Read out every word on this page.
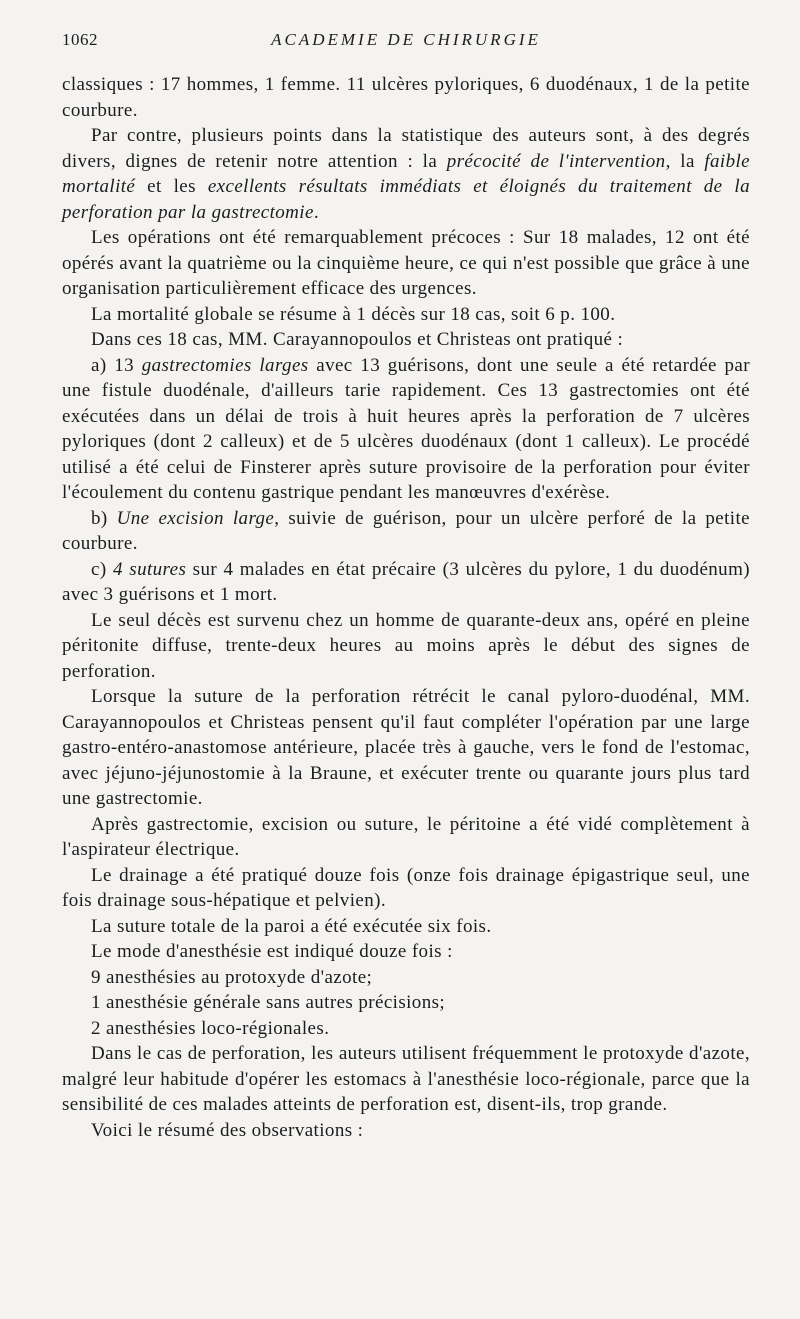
1062	ACADEMIE DE CHIRURGIE

classiques : 17 hommes, 1 femme. 11 ulcères pyloriques, 6 duodénaux, 1 de la petite courbure.

Par contre, plusieurs points dans la statistique des auteurs sont, à des degrés divers, dignes de retenir notre attention : la précocité de l'intervention, la faible mortalité et les excellents résultats immédiats et éloignés du traitement de la perforation par la gastrectomie.

Les opérations ont été remarquablement précoces : Sur 18 malades, 12 ont été opérés avant la quatrième ou la cinquième heure, ce qui n'est possible que grâce à une organisation particulièrement efficace des urgences.

La mortalité globale se résume à 1 décès sur 18 cas, soit 6 p. 100.

Dans ces 18 cas, MM. Carayannopoulos et Christeas ont pratiqué :

a) 13 gastrectomies larges avec 13 guérisons, dont une seule a été retardée par une fistule duodénale, d'ailleurs tarie rapidement. Ces 13 gastrectomies ont été exécutées dans un délai de trois à huit heures après la perforation de 7 ulcères pyloriques (dont 2 calleux) et de 5 ulcères duodénaux (dont 1 calleux). Le procédé utilisé a été celui de Finsterer après suture provisoire de la perforation pour éviter l'écoulement du contenu gastrique pendant les manœuvres d'exérèse.

b) Une excision large, suivie de guérison, pour un ulcère perforé de la petite courbure.

c) 4 sutures sur 4 malades en état précaire (3 ulcères du pylore, 1 du duodénum) avec 3 guérisons et 1 mort.

Le seul décès est survenu chez un homme de quarante-deux ans, opéré en pleine péritonite diffuse, trente-deux heures au moins après le début des signes de perforation.

Lorsque la suture de la perforation rétrécit le canal pyloro-duodénal, MM. Carayannopoulos et Christeas pensent qu'il faut compléter l'opération par une large gastro-entéro-anastomose antérieure, placée très à gauche, vers le fond de l'estomac, avec jéjuno-jéjunostomie à la Braune, et exécuter trente ou quarante jours plus tard une gastrectomie.

Après gastrectomie, excision ou suture, le péritoine a été vidé complètement à l'aspirateur électrique.

Le drainage a été pratiqué douze fois (onze fois drainage épigastrique seul, une fois drainage sous-hépatique et pelvien).

La suture totale de la paroi a été exécutée six fois.

Le mode d'anesthésie est indiqué douze fois :

9 anesthésies au protoxyde d'azote;

1 anesthésie générale sans autres précisions;

2 anesthésies loco-régionales.

Dans le cas de perforation, les auteurs utilisent fréquemment le protoxyde d'azote, malgré leur habitude d'opérer les estomacs à l'anesthésie loco-régionale, parce que la sensibilité de ces malades atteints de perforation est, disent-ils, trop grande.

Voici le résumé des observations :
